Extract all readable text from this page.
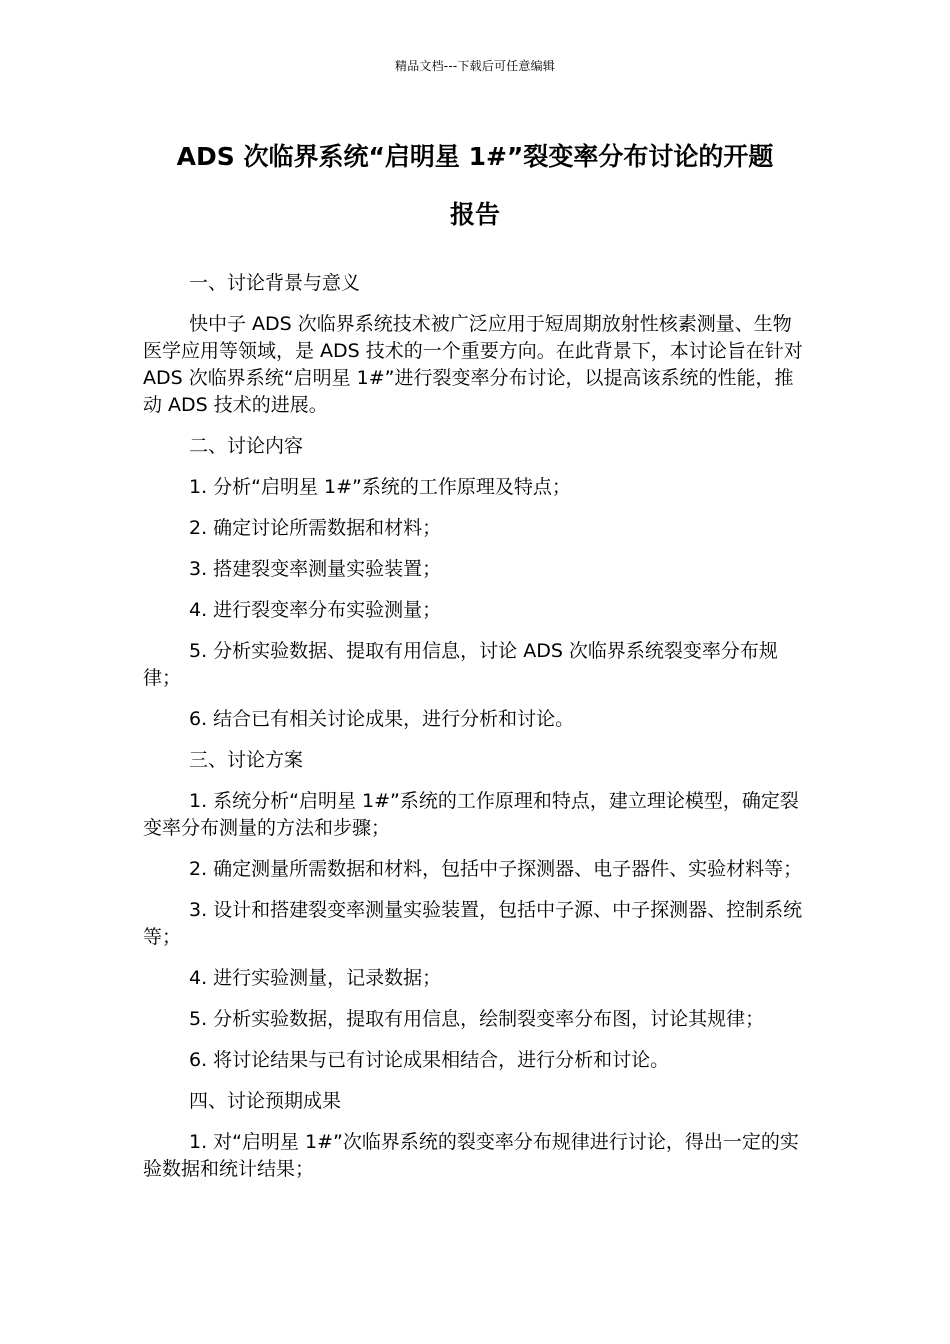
精品文档---下载后可任意编辑
ADS 次临界系统“启明星 1#”裂变率分布讨论的开题
报告

一、讨论背景与意义

快中子 ADS 次临界系统技术被广泛应用于短周期放射性核素测量、生物医学应用等领域，是 ADS 技术的一个重要方向。在此背景下，本讨论旨在针对 ADS 次临界系统“启明星 1#”进行裂变率分布讨论，以提高该系统的性能，推动 ADS 技术的进展。

二、讨论内容

1. 分析“启明星 1#”系统的工作原理及特点；

2. 确定讨论所需数据和材料；

3. 搭建裂变率测量实验装置；

4. 进行裂变率分布实验测量；

5. 分析实验数据、提取有用信息，讨论 ADS 次临界系统裂变率分布规律；

6. 结合已有相关讨论成果，进行分析和讨论。

三、讨论方案

1. 系统分析“启明星 1#”系统的工作原理和特点，建立理论模型，确定裂变率分布测量的方法和步骤；

2. 确定测量所需数据和材料，包括中子探测器、电子器件、实验材料等；

3. 设计和搭建裂变率测量实验装置，包括中子源、中子探测器、控制系统等；

4. 进行实验测量，记录数据；

5. 分析实验数据，提取有用信息，绘制裂变率分布图，讨论其规律；

6. 将讨论结果与已有讨论成果相结合，进行分析和讨论。

四、讨论预期成果

1. 对“启明星 1#”次临界系统的裂变率分布规律进行讨论，得出一定的实验数据和统计结果；
